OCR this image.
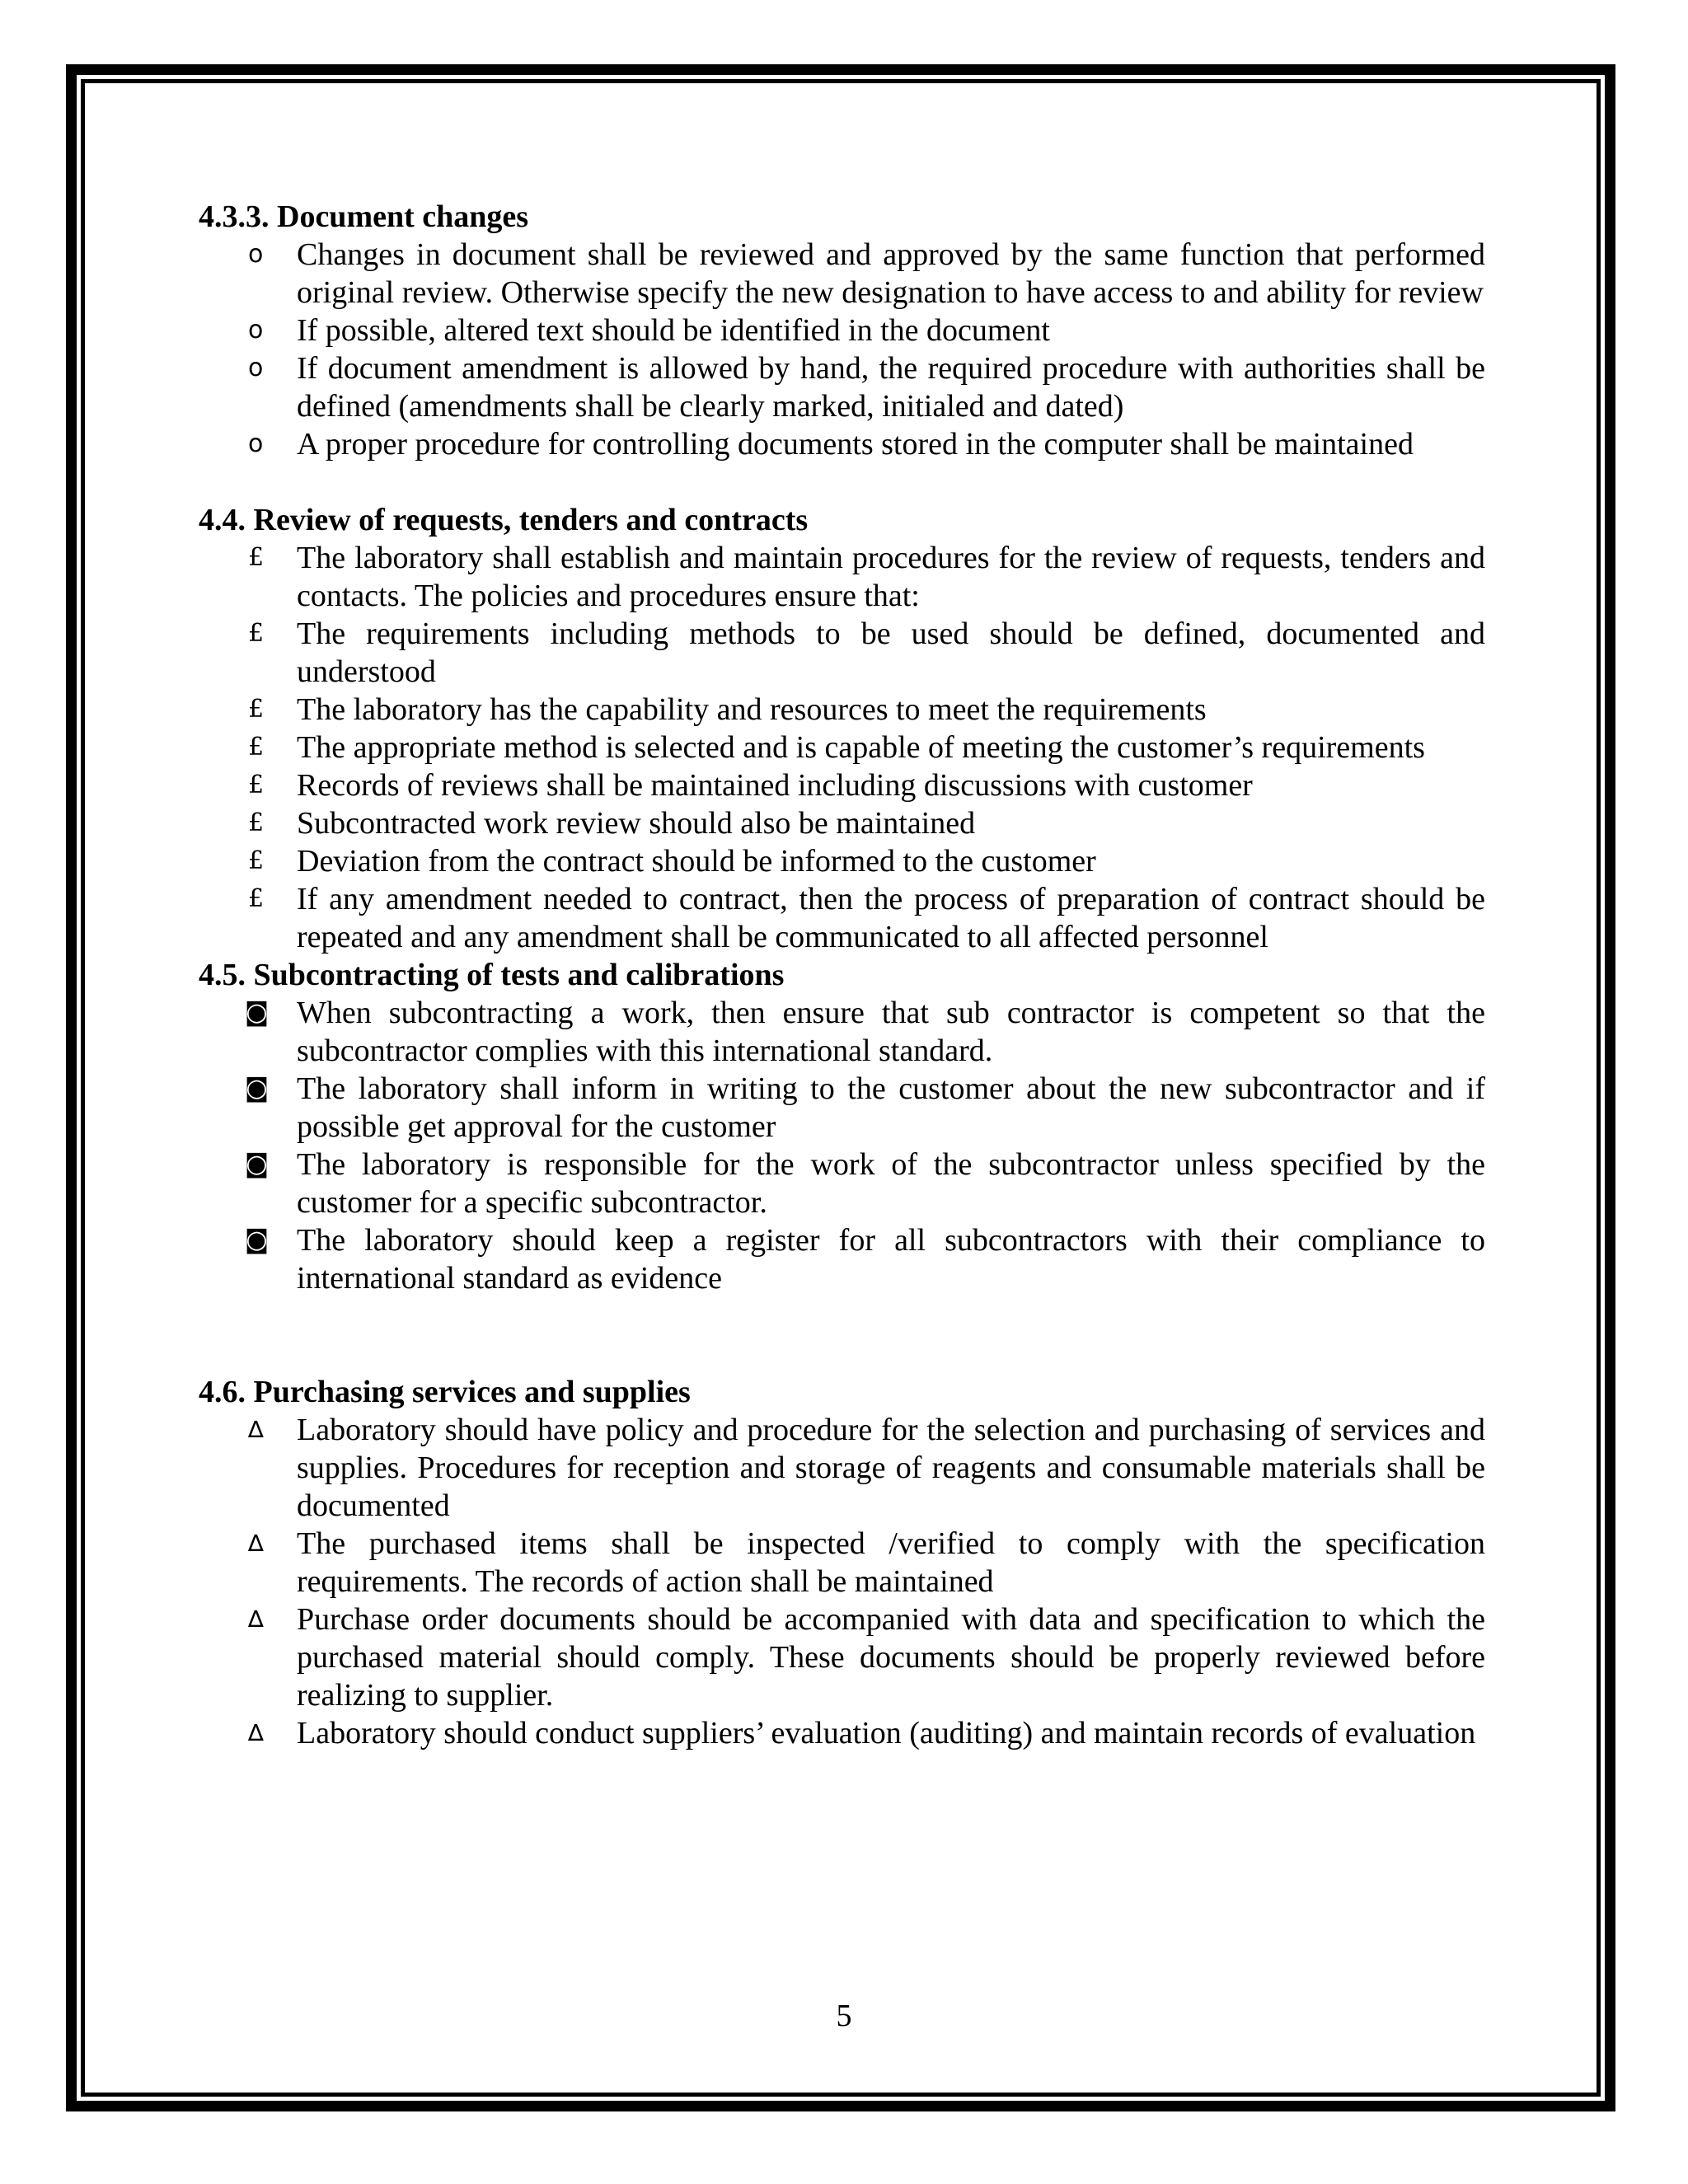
4.3.3. Document changes

o	Changes in document shall be reviewed and approved by the same function that performed original review. Otherwise specify the new designation to have access to and ability for review
o	If possible, altered text should be identified in the document
o	If document amendment is allowed by hand, the required procedure with authorities shall be defined (amendments shall be clearly marked, initialed and dated)
o	A proper procedure for controlling documents stored in the computer shall be maintained

4.4. Review of requests, tenders and contracts

£	The laboratory shall establish and maintain procedures for the review of requests, tenders and contacts. The policies and procedures ensure that:
£	The requirements including methods to be used should be defined, documented and understood
£	The laboratory has the capability and resources to meet the requirements
£	The appropriate method is selected and is capable of meeting the customer’s requirements
£	Records of reviews shall be maintained including discussions with customer
£	Subcontracted work review should also be maintained
£	Deviation from the contract should be informed to the customer
£	If any amendment needed to contract, then the process of preparation of contract should be repeated and any amendment shall be communicated to all affected personnel

4.5. Subcontracting of tests and calibrations

◙ When subcontracting a work, then ensure that sub contractor is competent so that the subcontractor complies with this international standard.
◙ The laboratory shall inform in writing to the customer about the new subcontractor and if possible get approval for the customer
◙ The laboratory is responsible for the work of the subcontractor unless specified by the customer for a specific subcontractor.
◙ The laboratory should keep a register for all subcontractors with their compliance to international standard as evidence

4.6. Purchasing services and supplies

∆	Laboratory should have policy and procedure for the selection and purchasing of services and supplies. Procedures for reception and storage of reagents and consumable materials shall be documented
∆	The purchased items shall be inspected /verified to comply with the specification requirements. The records of action shall be maintained
∆	Purchase order documents should be accompanied with data and specification to which the purchased material should comply. These documents should be properly reviewed before realizing to supplier.
∆	Laboratory should conduct suppliers’ evaluation (auditing) and maintain records of evaluation
5
